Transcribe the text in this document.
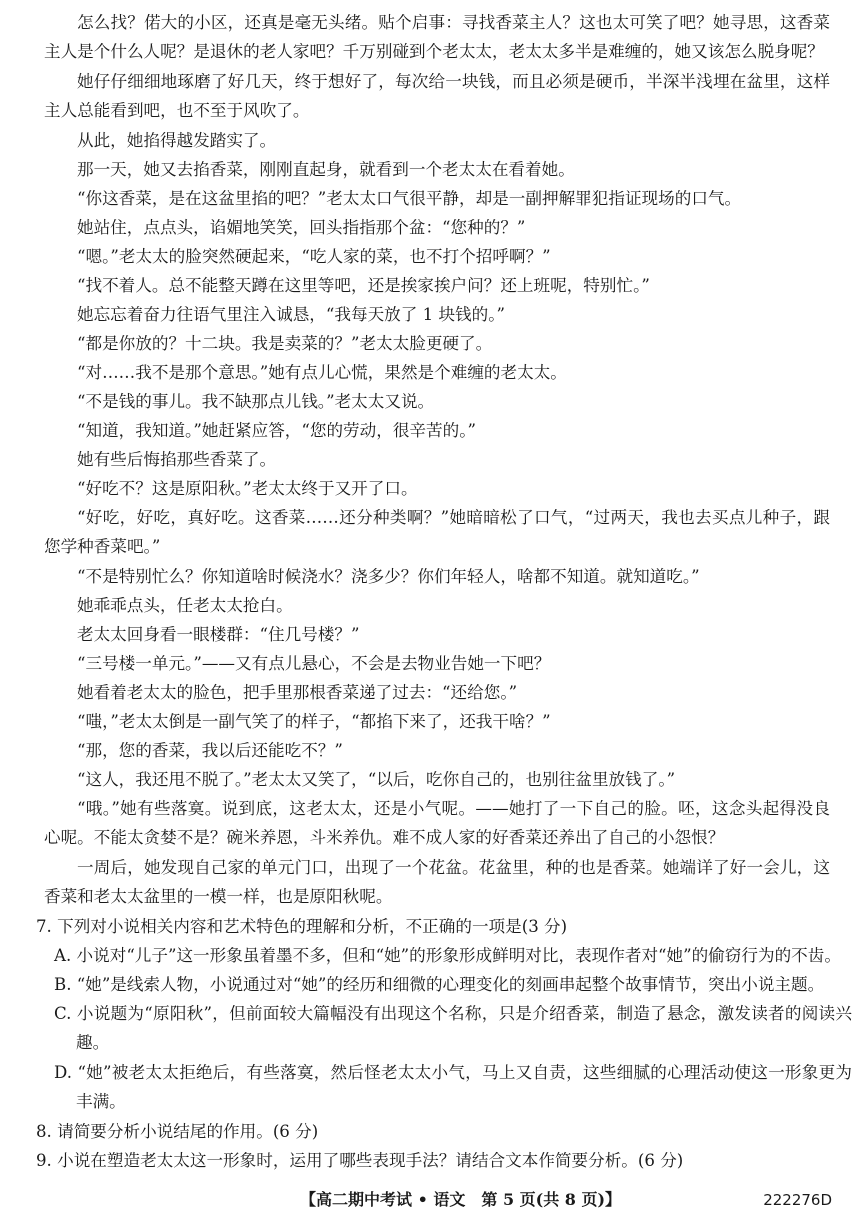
怎么找？偌大的小区，还真是毫无头绪。贴个启事：寻找香菜主人？这也太可笑了吧？她寻思，这香菜主人是个什么人呢？是退休的老人家吧？千万别碰到个老太太，老太太多半是难缠的，她又该怎么脱身呢？

她仔仔细细地琢磨了好几天，终于想好了，每次给一块钱，而且必须是硬币，半深半浅埋在盆里，这样主人总能看到吧，也不至于风吹了。

从此，她掐得越发踏实了。

那一天，她又去掐香菜，刚刚直起身，就看到一个老太太在看着她。

“你这香菜，是在这盆里掐的吧？”老太太口气很平静，却是一副押解罪犯指证现场的口气。

她站住，点点头，谄媚地笑笑，回头指指那个盆：“您种的？”

“嗯。”老太太的脸突然硬起来，“吃人家的菜，也不打个招呼啊？”

“找不着人。总不能整天蹲在这里等吧，还是挨家挨户问？还上班呢，特别忙。”

她忘忘着奋力往语气里注入诚恳，“我每天放了 1 块钱的。”

“都是你放的？十二块。我是卖菜的？”老太太脸更硬了。

“对……我不是那个意思。”她有点儿心慌，果然是个难缠的老太太。

“不是钱的事儿。我不缺那点儿钱。”老太太又说。

“知道，我知道。”她赶紧应答，“您的劳动，很辛苦的。”

她有些后悔掐那些香菜了。

“好吃不？这是原阳秋。”老太太终于又开了口。

“好吃，好吃，真好吃。这香菜……还分种类啊？”她暗暗松了口气，“过两天，我也去买点儿种子，跟您学种香菜吧。”

“不是特别忙么？你知道啥时候浇水？浇多少？你们年轻人，啥都不知道。就知道吃。”

她乖乖点头，任老太太抢白。

老太太回身看一眼楼群：“住几号楼？”

“三号楼一单元。”——又有点儿悬心，不会是去物业告她一下吧？

她看着老太太的脸色，把手里那根香菜递了过去：“还给您。”

“嗤，”老太太倒是一副气笑了的样子，“都掐下来了，还我干啥？”

“那，您的香菜，我以后还能吃不？”

“这人，我还甩不脱了。”老太太又笑了，“以后，吃你自己的，也别往盆里放钱了。”

“哦。”她有些落寞。说到底，这老太太，还是小气呢。——她打了一下自己的脸。呸，这念头起得没良心呢。不能太贪婪不是？碗米养恩，斗米养仇。难不成人家的好香菜还养出了自己的小怨恨？

一周后，她发现自己家的单元门口，出现了一个花盆。花盆里，种的也是香菜。她端详了好一会儿，这香菜和老太太盆里的一模一样，也是原阳秋呢。

7. 下列对小说相关内容和艺术特色的理解和分析，不正确的一项是(3 分)

A. 小说对“儿子”这一形象虽着墨不多，但和“她”的形象形成鲜明对比，表现作者对“她”的偷窃行为的不齿。

B. “她”是线索人物，小说通过对“她”的经历和细微的心理变化的刻画串起整个故事情节，突出小说主题。

C. 小说题为“原阳秋”，但前面较大篇幅没有出现这个名称，只是介绍香菜，制造了悬念，激发读者的阅读兴趣。

D. “她”被老太太拒绝后，有些落寞，然后怪老太太小气，马上又自责，这些细腻的心理活动使这一形象更为丰满。

8. 请简要分析小说结尾的作用。(6 分)

9. 小说在塑造老太太这一形象时，运用了哪些表现手法？请结合文本作简要分析。(6 分)

【高二期中考试 • 语文　第 5 页(共 8 页)】	222276D
